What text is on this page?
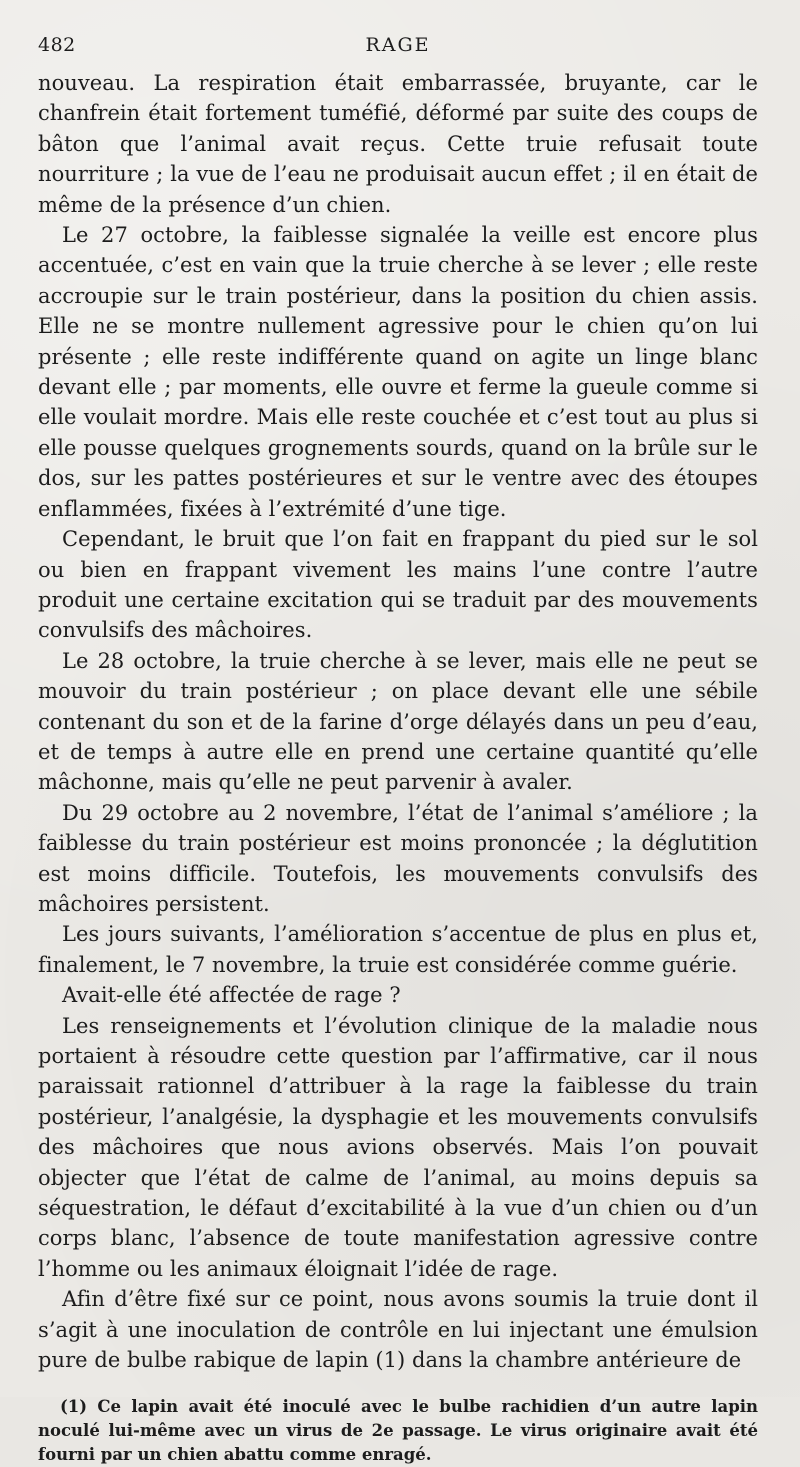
482	RAGE

nouveau. La respiration était embarrassée, bruyante, car le chanfrein était fortement tuméfié, déformé par suite des coups de bâton que l’animal avait reçus. Cette truie refusait toute nourriture ; la vue de l’eau ne produisait aucun effet ; il en était de même de la présence d’un chien.

Le 27 octobre, la faiblesse signalée la veille est encore plus accentuée, c’est en vain que la truie cherche à se lever ; elle reste accroupie sur le train postérieur, dans la position du chien assis. Elle ne se montre nullement agressive pour le chien qu’on lui présente ; elle reste indifférente quand on agite un linge blanc devant elle ; par moments, elle ouvre et ferme la gueule comme si elle voulait mordre. Mais elle reste couchée et c’est tout au plus si elle pousse quelques grognements sourds, quand on la brûle sur le dos, sur les pattes postérieures et sur le ventre avec des étoupes enflammées, fixées à l’extrémité d’une tige.

Cependant, le bruit que l’on fait en frappant du pied sur le sol ou bien en frappant vivement les mains l’une contre l’autre produit une certaine excitation qui se traduit par des mouvements convulsifs des mâchoires.

Le 28 octobre, la truie cherche à se lever, mais elle ne peut se mouvoir du train postérieur ; on place devant elle une sébile contenant du son et de la farine d’orge délayés dans un peu d’eau, et de temps à autre elle en prend une certaine quantité qu’elle mâchonne, mais qu’elle ne peut parvenir à avaler.

Du 29 octobre au 2 novembre, l’état de l’animal s’améliore ; la faiblesse du train postérieur est moins prononcée ; la déglutition est moins difficile. Toutefois, les mouvements convulsifs des mâchoires persistent.

Les jours suivants, l’amélioration s’accentue de plus en plus et, finalement, le 7 novembre, la truie est considérée comme guérie.

Avait-elle été affectée de rage ?

Les renseignements et l’évolution clinique de la maladie nous portaient à résoudre cette question par l’affirmative, car il nous paraissait rationnel d’attribuer à la rage la faiblesse du train postérieur, l’analgésie, la dysphagie et les mouvements convulsifs des mâchoires que nous avions observés. Mais l’on pouvait objecter que l’état de calme de l’animal, au moins depuis sa séquestration, le défaut d’excitabilité à la vue d’un chien ou d’un corps blanc, l’absence de toute manifestation agressive contre l’homme ou les animaux éloignait l’idée de rage.

Afin d’être fixé sur ce point, nous avons soumis la truie dont il s’agit à une inoculation de contrôle en lui injectant une émulsion pure de bulbe rabique de lapin (1) dans la chambre antérieure de

(1) Ce lapin avait été inoculé avec le bulbe rachidien d’un autre lapin noculé lui-même avec un virus de 2e passage. Le virus originaire avait été fourni par un chien abattu comme enragé.
